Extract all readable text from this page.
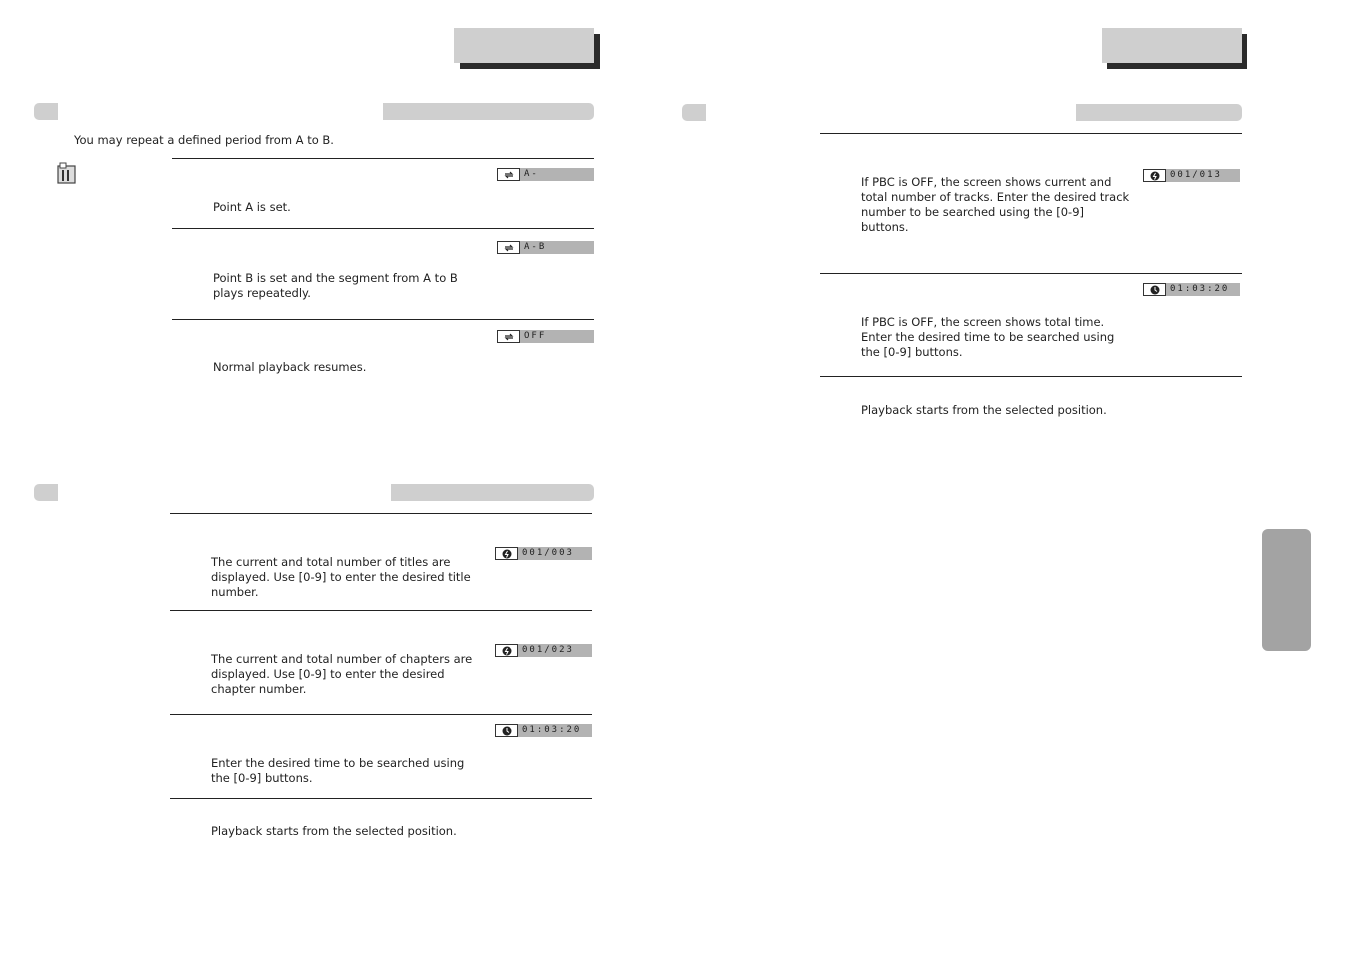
You may repeat a defined period from A to B.
A-
Point A is set.
A-B
Point B is set and the segment from A to B plays repeatedly.
OFF
Normal playback resumes.
001/003
The current and total number of titles are displayed. Use [0-9] to enter the desired title number.
001/023
The current and total number of chapters are displayed. Use [0-9] to enter the desired chapter number.
01:03:20
Enter the desired time to be searched using the [0-9] buttons.
Playback starts from the selected position.
001/013
If PBC is OFF, the screen shows current and total number of tracks. Enter the desired track number to be searched using the [0-9] buttons.
01:03:20
If PBC is OFF, the screen shows total time. Enter the desired time to be searched using the [0-9] buttons.
Playback starts from the selected position.
